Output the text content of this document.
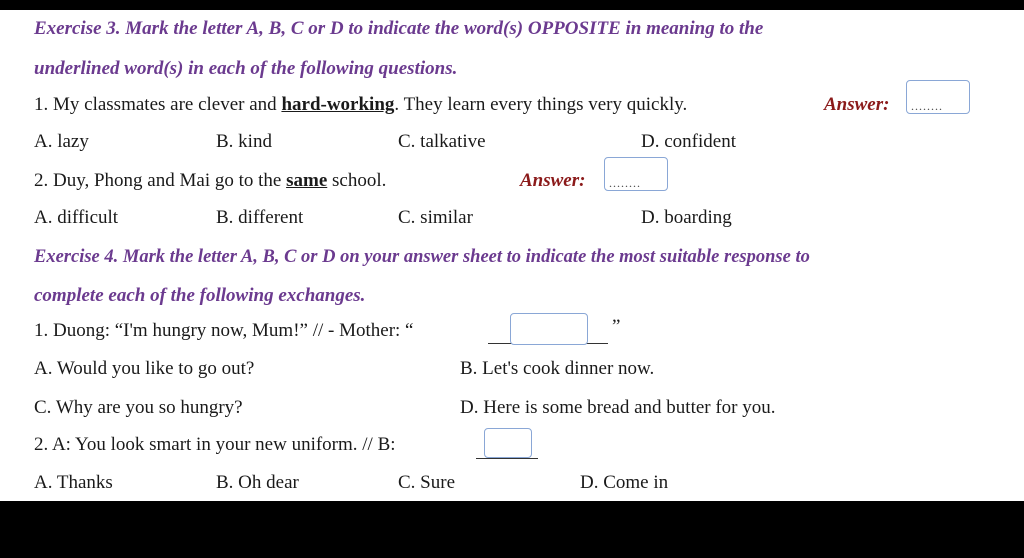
Exercise 3. Mark the letter A, B, C or D to indicate the word(s) OPPOSITE in meaning to the
underlined word(s) in each of the following questions.
1. My classmates are clever and hard-working. They learn every things very quickly.	Answer: ........
A. lazy	B. kind	C. talkative	D. confident
2. Duy, Phong and Mai go to the same school.	Answer: ........
A. difficult	B. different	C. similar	D. boarding
Exercise 4. Mark the letter A, B, C or D on your answer sheet to indicate the most suitable response to
complete each of the following exchanges.
1. Duong: “I'm hungry now, Mum!” // - Mother: “	”
A. Would you like to go out?	B. Let's cook dinner now.
C. Why are you so hungry?	D. Here is some bread and butter for you.
2. A: You look smart in your new uniform. // B:
A. Thanks	B. Oh dear	C. Sure	D. Come in
